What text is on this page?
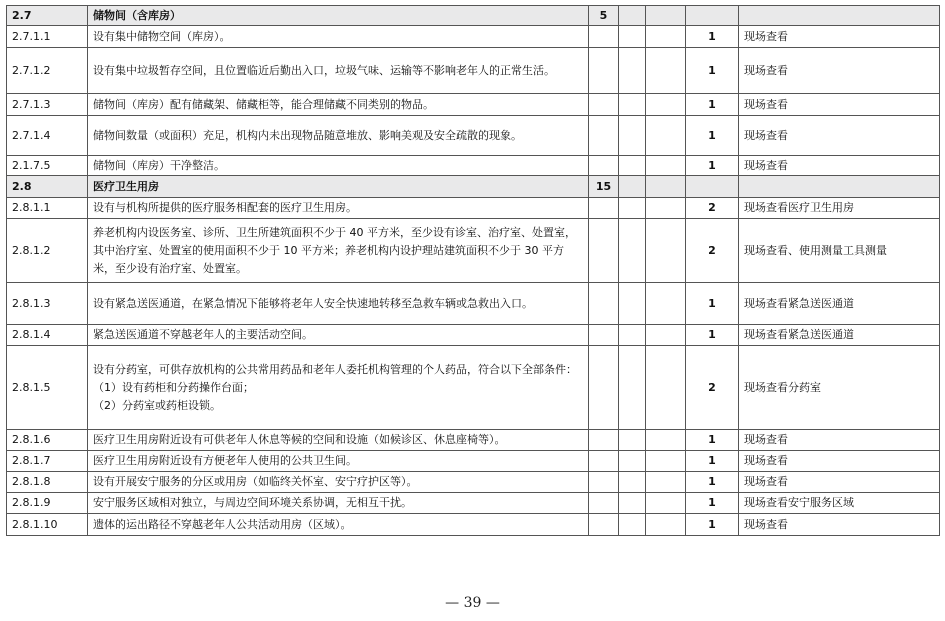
2.7	储物间（含库房）	5				
2.7.1.1	设有集中储物空间（库房）。				1	现场查看
2.7.1.2	设有集中垃圾暂存空间，且位置临近后勤出入口，垃圾气味、运输等不影响老年人的正常生活。				1	现场查看
2.7.1.3	储物间（库房）配有储藏架、储藏柜等，能合理储藏不同类别的物品。				1	现场查看
2.7.1.4	储物间数量（或面积）充足，机构内未出现物品随意堆放、影响美观及安全疏散的现象。				1	现场查看
2.1.7.5	储物间（库房）干净整洁。				1	现场查看
2.8	医疗卫生用房	15				
2.8.1.1	设有与机构所提供的医疗服务相配套的医疗卫生用房。				2	现场查看医疗卫生用房
2.8.1.2	养老机构内设医务室、诊所、卫生所建筑面积不少于 40 平方米，至少设有诊室、治疗室、处置室，其中治疗室、处置室的使用面积不少于 10 平方米；养老机构内设护理站建筑面积不少于 30 平方米，至少设有治疗室、处置室。				2	现场查看、使用测量工具测量
2.8.1.3	设有紧急送医通道，在紧急情况下能够将老年人安全快速地转移至急救车辆或急救出入口。				1	现场查看紧急送医通道
2.8.1.4	紧急送医通道不穿越老年人的主要活动空间。				1	现场查看紧急送医通道
2.8.1.5	设有分药室，可供存放机构的公共常用药品和老年人委托机构管理的个人药品，符合以下全部条件：
（1）设有药柜和分药操作台面；
（2）分药室或药柜设锁。				2	现场查看分药室
2.8.1.6	医疗卫生用房附近设有可供老年人休息等候的空间和设施（如候诊区、休息座椅等）。				1	现场查看
2.8.1.7	医疗卫生用房附近设有方便老年人使用的公共卫生间。				1	现场查看
2.8.1.8	设有开展安宁服务的分区或用房（如临终关怀室、安宁疗护区等）。				1	现场查看
2.8.1.9	安宁服务区域相对独立，与周边空间环境关系协调，无相互干扰。				1	现场查看安宁服务区域
2.8.1.10	遗体的运出路径不穿越老年人公共活动用房（区域）。				1	现场查看
— 39 —
